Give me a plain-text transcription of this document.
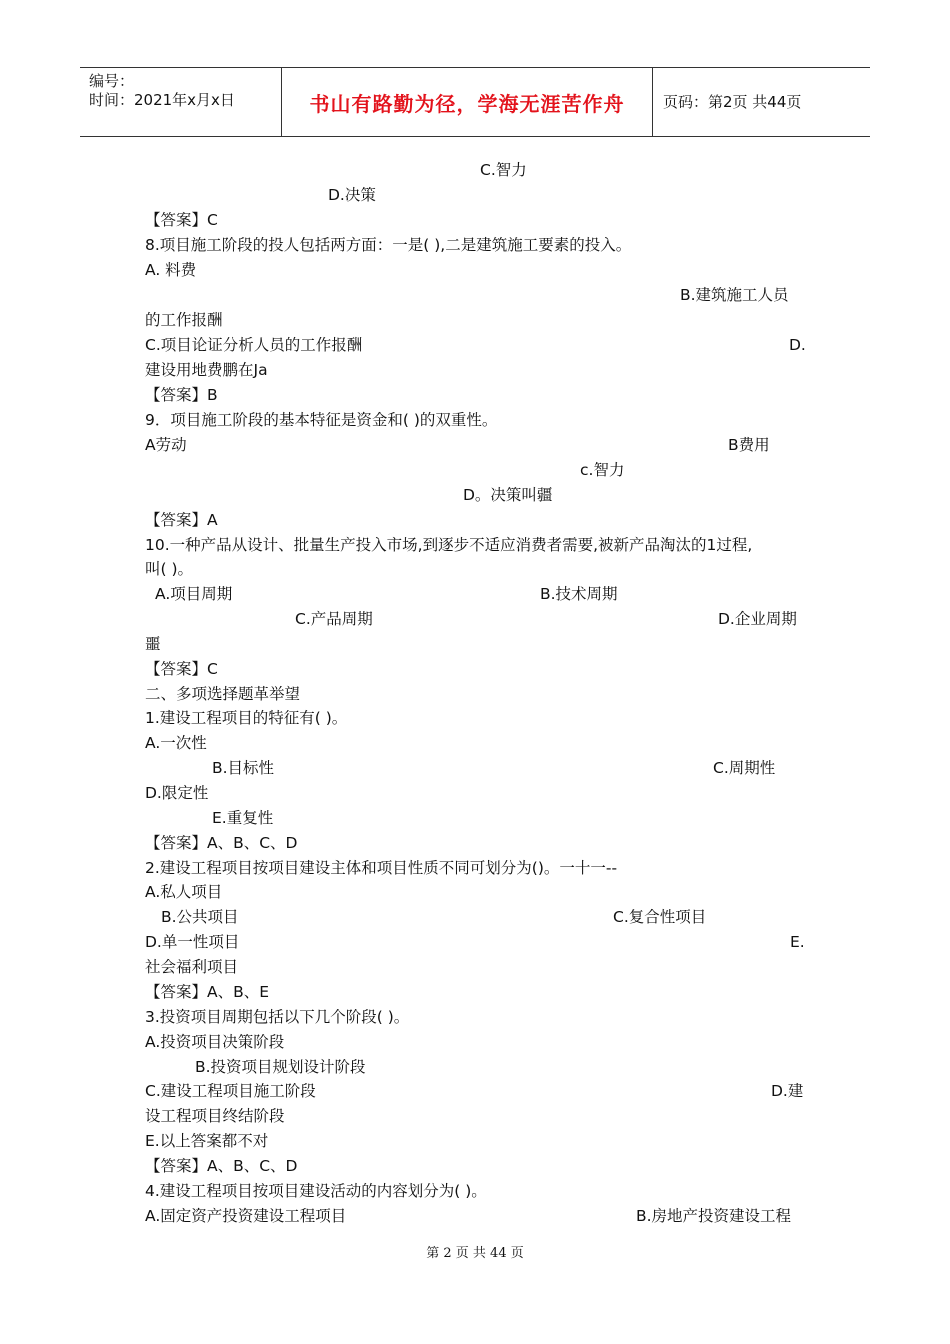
编号：
时间：2021年x月x日	书山有路勤为径，学海无涯苦作舟	页码：第2页 共44页
C.智力
D.决策
【答案】C
8.项目施工阶段的投人包括两方面：一是( ),二是建筑施工要素的投入。
A. 料费
B.建筑施工人员
的工作报酬
C.项目论证分析人员的工作报酬	D.
建设用地费鹏在Ja
【答案】B
9．项目施工阶段的基本特征是资金和( )的双重性。
A劳动	B费用
c.智力
D。决策叫疆
【答案】A
10.一种产品从设计、批量生产投入市场,到逐步不适应消费者需要,被新产品淘汰的1过程,
叫( )。
A.项目周期	B.技术周期
C.产品周期	D.企业周期
噩
【答案】C
二、多项选择题革举望
1.建设工程项目的特征有( )。
A.一次性
B.目标性	C.周期性
D.限定性
E.重复性
【答案】A、B、C、D
2.建设工程项目按项目建设主体和项目性质不同可划分为()。一十一--
A.私人项目
B.公共项目	C.复合性项目
D.单一性项目	E.
社会福利项目
【答案】A、B、E
3.投资项目周期包括以下几个阶段( )。
A.投资项目决策阶段
B.投资项目规划设计阶段
C.建设工程项目施工阶段	D.建
设工程项目终结阶段
E.以上答案都不对
【答案】A、B、C、D
4.建设工程项目按项目建设活动的内容划分为( )。
A.固定资产投资建设工程项目	B.房地产投资建设工程
第 2 页 共 44 页
